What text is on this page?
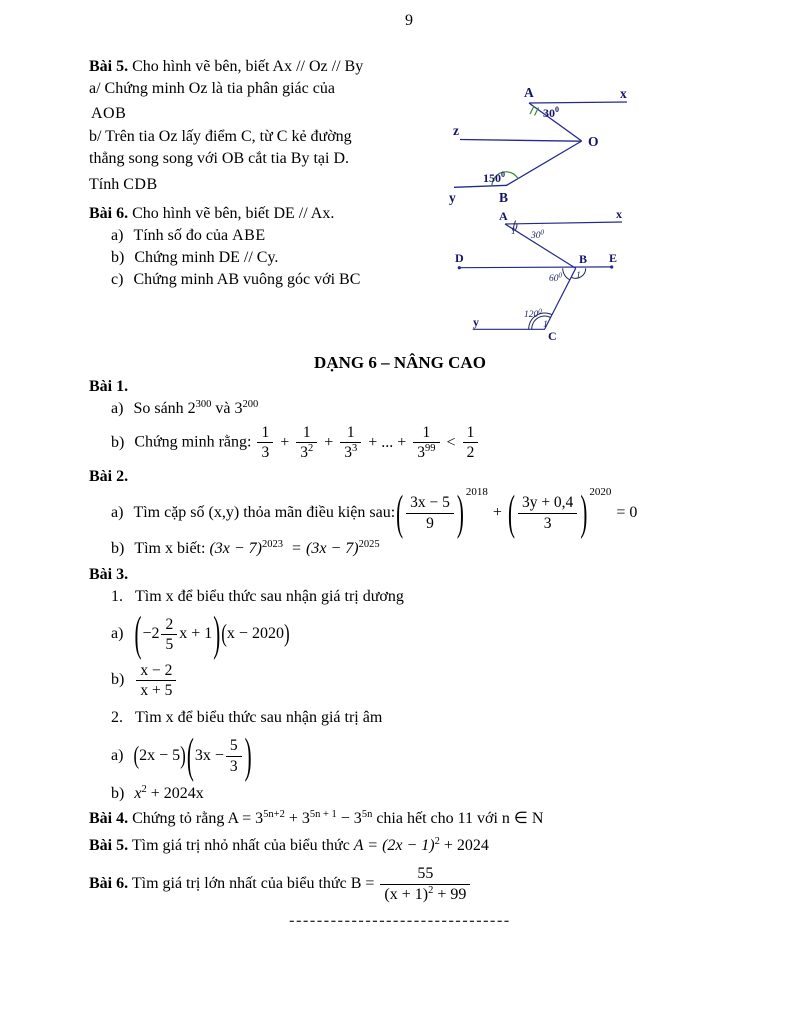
9
Bài 5. Cho hình vẽ bên, biết Ax // Oz // By
a/ Chứng minh Oz là tia phân giác của
AOB
b/ Trên tia Oz lấy điểm C, từ C kẻ đường
thẳng song song với OB cắt tia By tại D.
Tính CDB
A	x
z
O
y	B
$30^0$
$150^0$
Bài 6. Cho hình vẽ bên, biết DE // Ax.
a) Tính số đo của ABE
b) Chứng minh DE // Cy.
c) Chứng minh AB vuông góc với BC
A	x
D	B E
y
C
1 $30^0$
$60^0$ 1
$120^0$
1
DẠNG 6 – NÂNG CAO
Bài 1.
a) So sánh $2^{300}$ và $3^{200}$
b) Chứng minh rằng: $\frac{1}{3} + \frac{1}{3^2} + \frac{1}{3^3}$ + ... + $\frac{1}{3^{99}} < \frac{1}{2}$
Bài 2.
a) Tìm cặp số (x,y) thỏa mãn điều kiện sau:( $\frac{3x - 5}{9}$ ) $^{2018}$+ ( $\frac{3y + 0,4}{3}$ ) $^{2020}$= 0
b) Tìm x biết: $(3x - 7)^{2023} = (3x - 7)^{2025}$
Bài 3.
1. Tìm x để biểu thức sau nhận giá trị dương
a) ($-2 \frac{2}{5}$ x + 1)(x − 2020)
$b) \frac{x - 2}{x + 5}$
2. Tìm x để biểu thức sau nhận giá trị âm
a) $(2x - 5)(3x - \frac{5}{3}$ )
b) $x^2 + 2024x$
Bài 4. Chứng tỏ rằng $A = 3^{5n+2} + 3^{5n + 1} - 3^{5n}$ chia hết cho 11 với n ∈ N
Bài 5. Tìm giá trị nhỏ nhất của biểu thức $A = (2x - 1)^2 + 2024$
Bài 6. Tìm giá trị lớn nhất của biểu thức $B = \frac{55}{(x + 1)^2 + 99}$
--------------------------------
